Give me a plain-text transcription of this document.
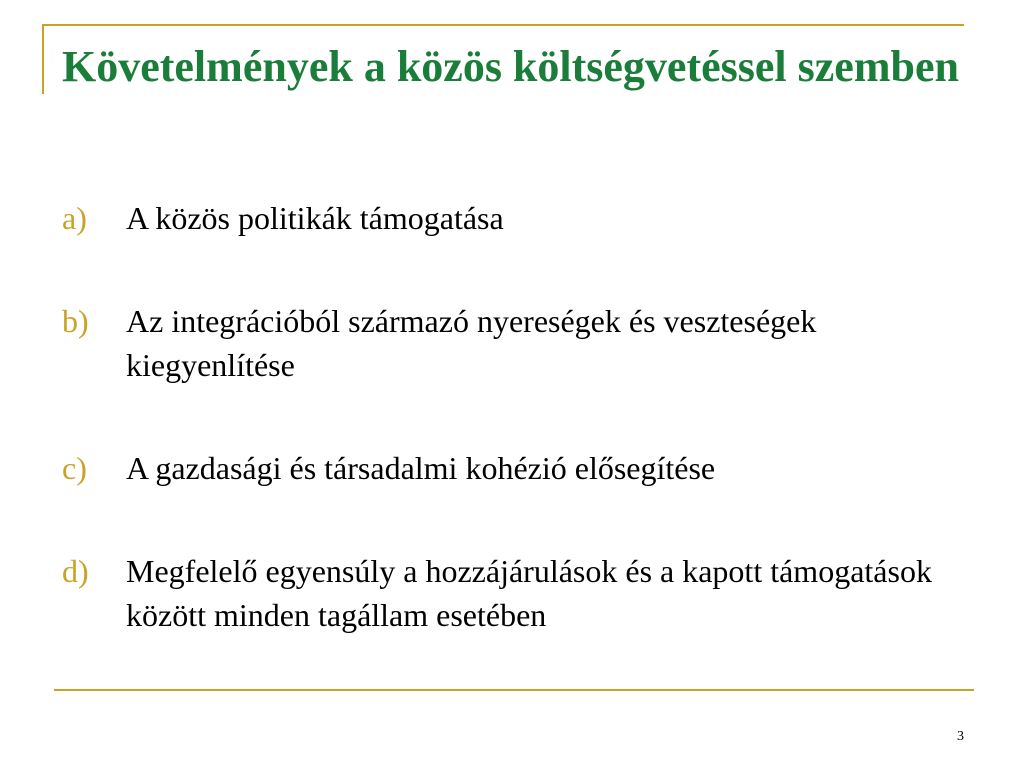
Követelmények a közös költségvetéssel szemben
a)	A közös politikák támogatása
b)	Az integrációból származó nyereségek és veszteségek kiegyenlítése
c)	A gazdasági és társadalmi kohézió elősegítése
d)	Megfelelő egyensúly a hozzájárulások és a kapott támogatások között minden tagállam esetében
3
